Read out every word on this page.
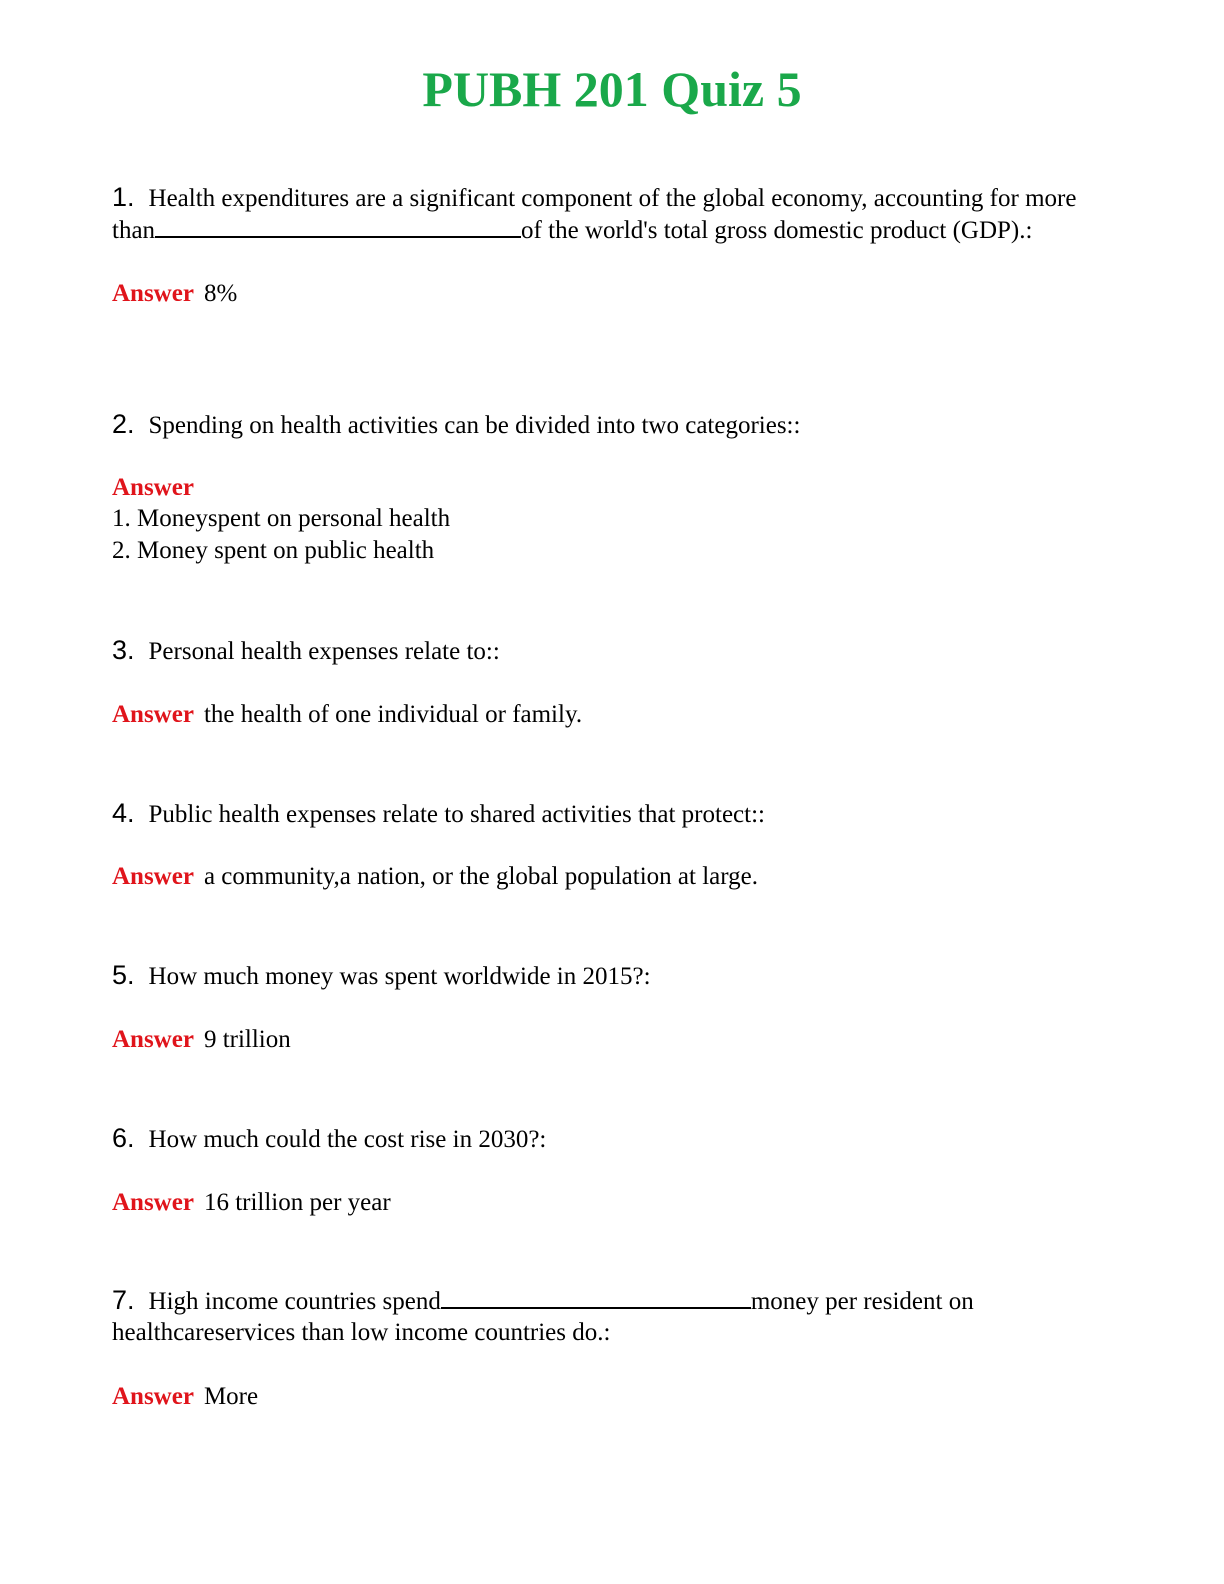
PUBH 201 Quiz 5
1. Health expenditures are a significant component of the global economy, accounting for more than	of the world's total gross domestic product (GDP).:
Answer 8%
2. Spending on health activities can be divided into two categories::
Answer
1. Moneyspent on personal health
2. Money spent on public health
3. Personal health expenses relate to::
Answer the health of one individual or family.
4. Public health expenses relate to shared activities that protect::
Answer a community,a nation, or the global population at large.
5. How much money was spent worldwide in 2015?:
Answer 9 trillion
6. How much could the cost rise in 2030?:
Answer 16 trillion per year
7. High income countries spend	money per resident on healthcareservices than low income countries do.:
Answer More
